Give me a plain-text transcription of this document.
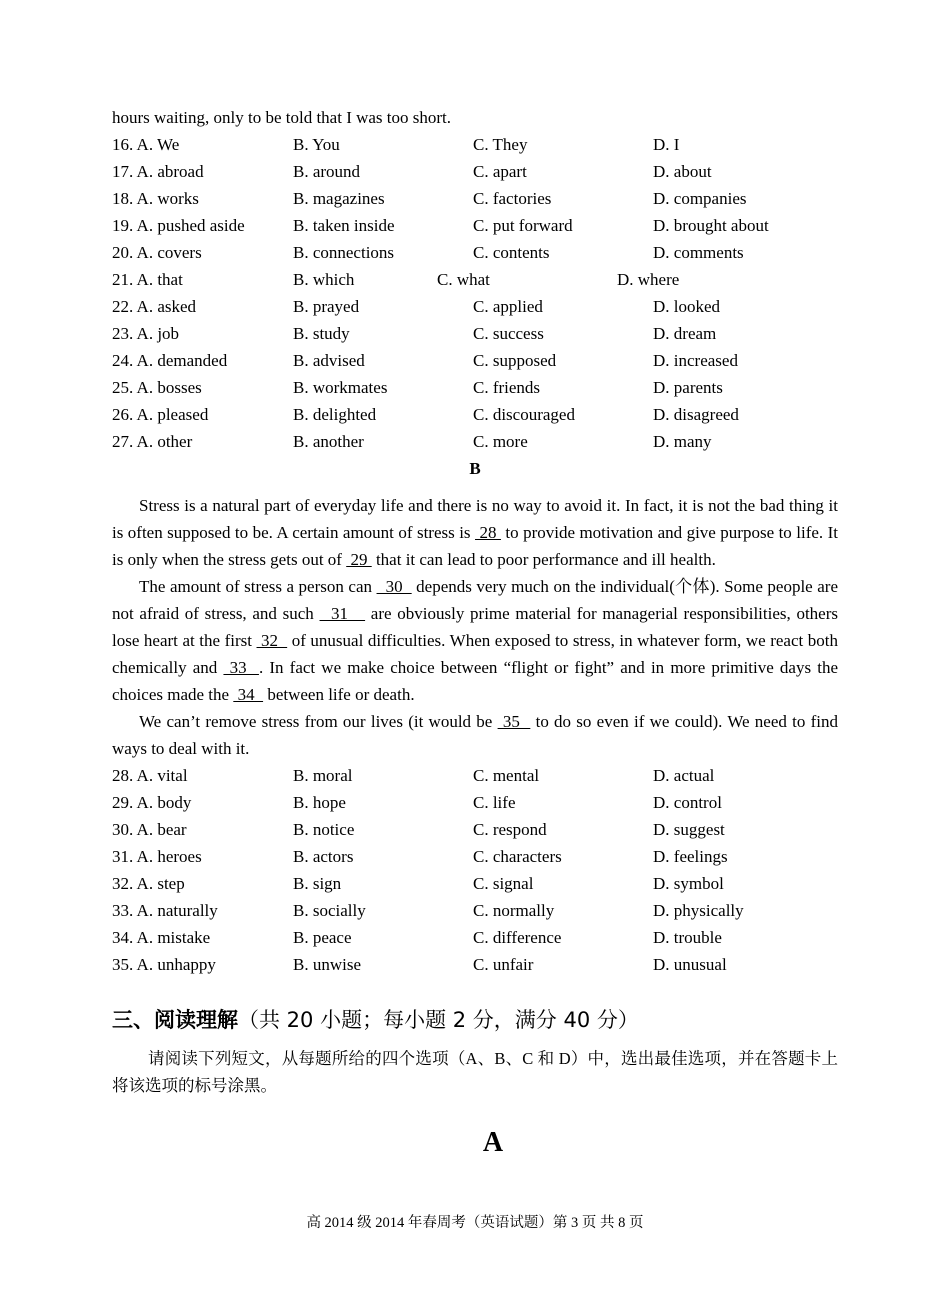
hours waiting, only to be told that I was too short.
16. A. We	B. You	C. They	D. I
17. A. abroad	B. around	C. apart	D. about
18. A. works	B. magazines	C. factories	D. companies
19. A. pushed aside	B. taken inside	C. put forward	D. brought about
20. A. covers	B. connections	C. contents	D. comments
21. A. that	B. which	C. what	D. where
22. A. asked	B. prayed	C. applied	D. looked
23. A. job	B. study	C. success	D. dream
24. A. demanded	B. advised	C. supposed	D. increased
25. A. bosses	B. workmates	C. friends	D. parents
26. A. pleased	B. delighted	C. discouraged	D. disagreed
27. A. other	B. another	C. more	D. many
B

Stress is a natural part of everyday life and there is no way to avoid it. In fact, it is not the bad thing it is often supposed to be. A certain amount of stress is  28  to provide motivation and give purpose to life. It is only when the stress gets out of  29  that it can lead to poor performance and ill health.

The amount of stress a person can   30   depends very much on the individual(个体). Some people are not afraid of stress, and such   31    are obviously prime material for managerial responsibilities, others lose heart at the first  32   of unusual difficulties. When exposed to stress, in whatever form, we react both chemically and  33  . In fact we make choice between “flight or fight” and in more primitive days the choices made the  34   between life or death.

We can’t remove stress from our lives (it would be  35   to do so even if we could). We need to find ways to deal with it.

28. A. vital	B. moral	C. mental	D. actual
29. A. body	B. hope	C. life	D. control
30. A. bear	B. notice	C. respond	D. suggest
31. A. heroes	B. actors	C. characters	D. feelings
32. A. step	B. sign	C. signal	D. symbol
33. A. naturally	B. socially	C. normally	D. physically
34. A. mistake	B. peace	C. difference	D. trouble
35. A. unhappy	B. unwise	C. unfair	D. unusual
三、阅读理解（共 20 小题；每小题 2 分，满分 40 分）
请阅读下列短文，从每题所给的四个选项（A、B、C 和 D）中，选出最佳选项，并在答题卡上将该选项的标号涂黑。
A
高 2014 级 2014 年春周考（英语试题）第 3 页 共 8 页
